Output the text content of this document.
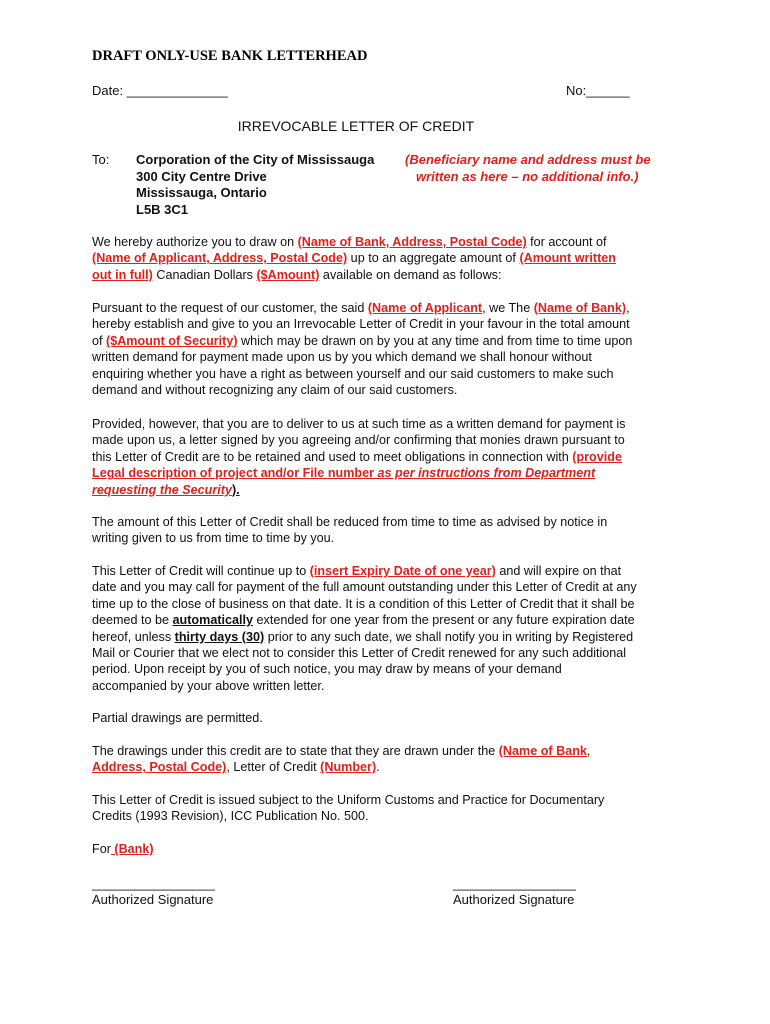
DRAFT ONLY-USE BANK LETTERHEAD
Date: ______________	No:______
IRREVOCABLE LETTER OF CREDIT
To: Corporation of the City of Mississauga
300 City Centre Drive
Mississauga, Ontario
L5B 3C1
(Beneficiary name and address must be
written as here – no additional info.)
We hereby authorize you to draw on (Name of Bank, Address, Postal Code) for account of
(Name of Applicant, Address, Postal Code) up to an aggregate amount of (Amount written
out in full) Canadian Dollars ($Amount) available on demand as follows:
Pursuant to the request of our customer, the said (Name of Applicant, we The (Name of Bank),
hereby establish and give to you an Irrevocable Letter of Credit in your favour in the total amount
of ($Amount of Security) which may be drawn on by you at any time and from time to time upon
written demand for payment made upon us by you which demand we shall honour without
enquiring whether you have a right as between yourself and our said customers to make such
demand and without recognizing any claim of our said customers.
Provided, however, that you are to deliver to us at such time as a written demand for payment is
made upon us, a letter signed by you agreeing and/or confirming that monies drawn pursuant to
this Letter of Credit are to be retained and used to meet obligations in connection with (provide
Legal description of project and/or File number as per instructions from Department
requesting the Security).
The amount of this Letter of Credit shall be reduced from time to time as advised by notice in
writing given to us from time to time by you.
This Letter of Credit will continue up to (insert Expiry Date of one year) and will expire on that
date and you may call for payment of the full amount outstanding under this Letter of Credit at any
time up to the close of business on that date. It is a condition of this Letter of Credit that it shall be
deemed to be automatically extended for one year from the present or any future expiration date
hereof, unless thirty days (30) prior to any such date, we shall notify you in writing by Registered
Mail or Courier that we elect not to consider this Letter of Credit renewed for any such additional
period. Upon receipt by you of such notice, you may draw by means of your demand
accompanied by your above written letter.
Partial drawings are permitted.
The drawings under this credit are to state that they are drawn under the (Name of Bank,
Address, Postal Code), Letter of Credit (Number).
This Letter of Credit is issued subject to the Uniform Customs and Practice for Documentary
Credits (1993 Revision), ICC Publication No. 500.
For (Bank)
_________________
Authorized Signature
_________________
Authorized Signature
